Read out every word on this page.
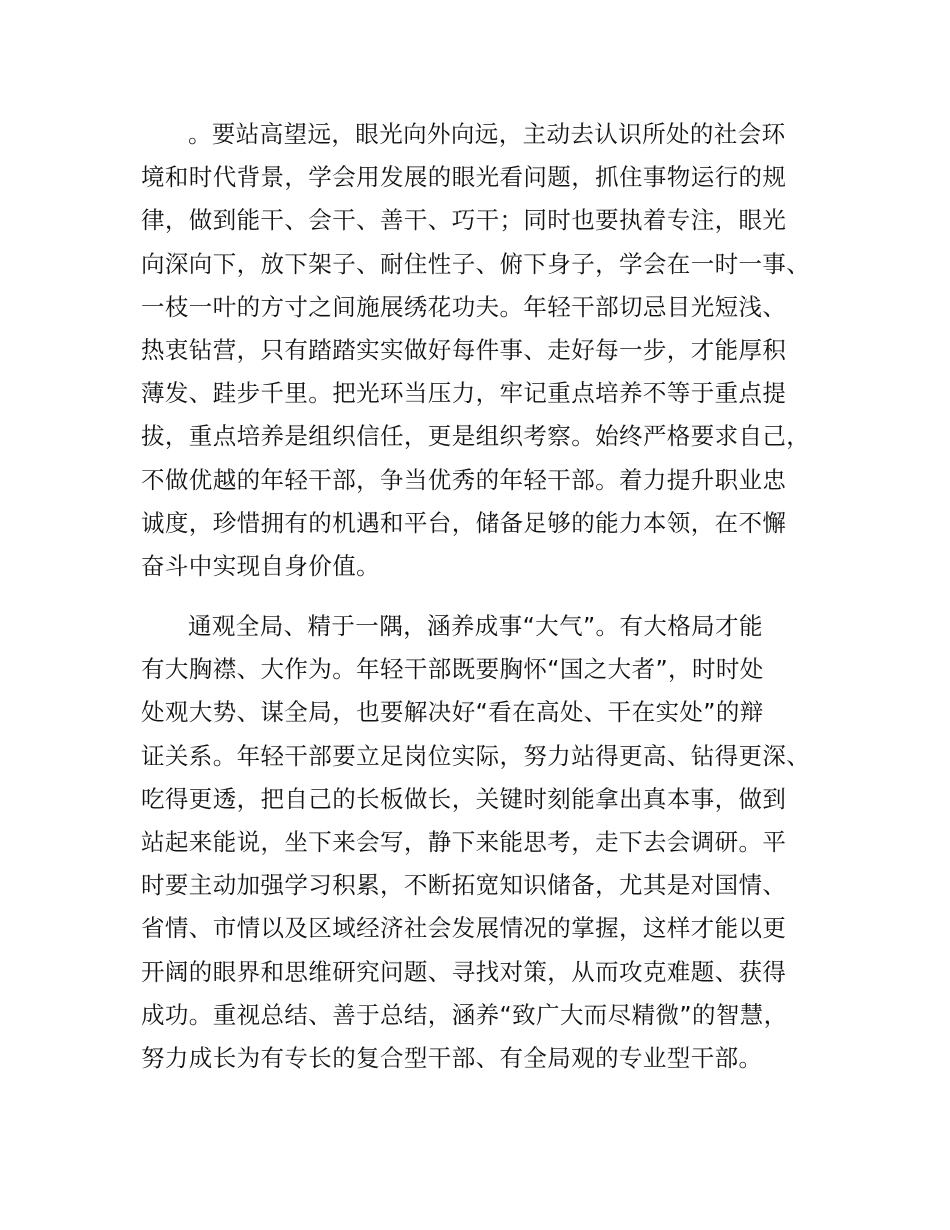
。要站高望远，眼光向外向远，主动去认识所处的社会环
境和时代背景，学会用发展的眼光看问题，抓住事物运行的规
律，做到能干、会干、善干、巧干；同时也要执着专注，眼光
向深向下，放下架子、耐住性子、俯下身子，学会在一时一事、
一枝一叶的方寸之间施展绣花功夫。年轻干部切忌目光短浅、
热衷钻营，只有踏踏实实做好每件事、走好每一步，才能厚积
薄发、跬步千里。把光环当压力，牢记重点培养不等于重点提
拔，重点培养是组织信任，更是组织考察。始终严格要求自己，
不做优越的年轻干部，争当优秀的年轻干部。着力提升职业忠
诚度，珍惜拥有的机遇和平台，储备足够的能力本领，在不懈
奋斗中实现自身价值。
通观全局、精于一隅，涵养成事“大气”。有大格局才能
有大胸襟、大作为。年轻干部既要胸怀“国之大者”，时时处
处观大势、谋全局，也要解决好“看在高处、干在实处”的辩
证关系。年轻干部要立足岗位实际，努力站得更高、钻得更深、
吃得更透，把自己的长板做长，关键时刻能拿出真本事，做到
站起来能说，坐下来会写，静下来能思考，走下去会调研。平
时要主动加强学习积累，不断拓宽知识储备，尤其是对国情、
省情、市情以及区域经济社会发展情况的掌握，这样才能以更
开阔的眼界和思维研究问题、寻找对策，从而攻克难题、获得
成功。重视总结、善于总结，涵养“致广大而尽精微”的智慧，
努力成长为有专长的复合型干部、有全局观的专业型干部。
